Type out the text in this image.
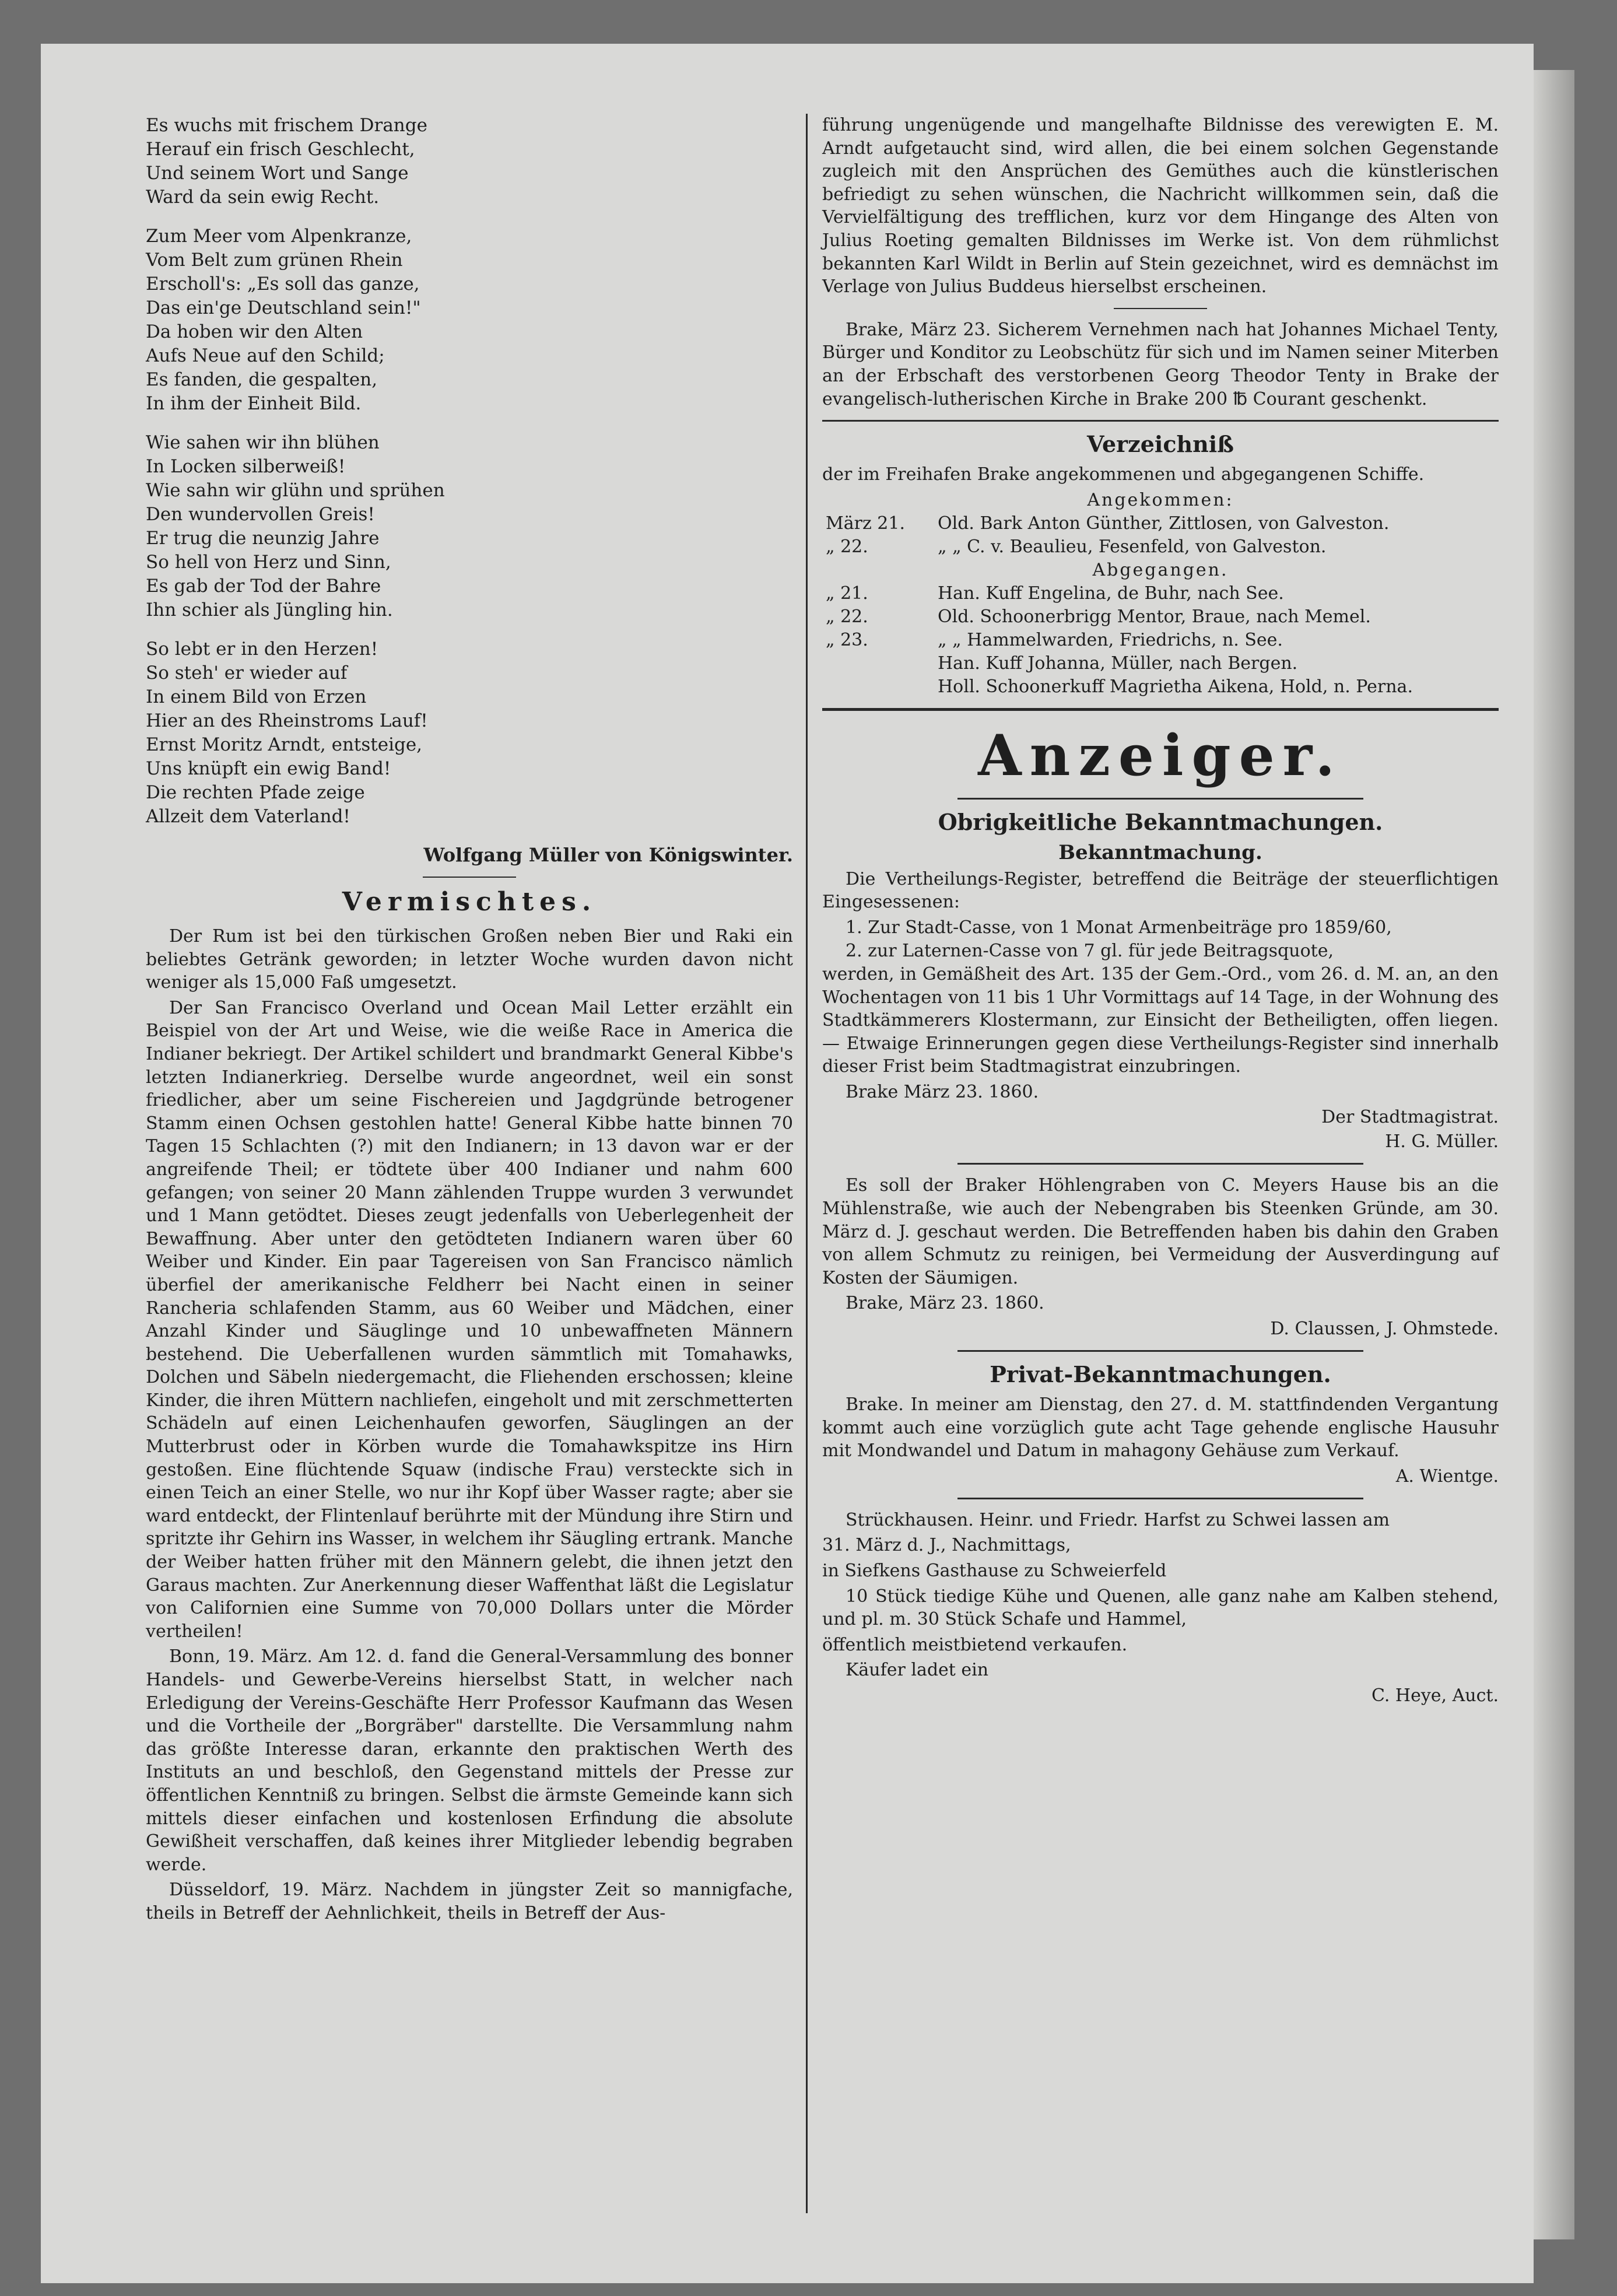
Es wuchs mit frischem Drange
Herauf ein frisch Geschlecht,
Und seinem Wort und Sange
Ward da sein ewig Recht.
Zum Meer vom Alpenkranze,
Vom Belt zum grünen Rhein
Erscholl's: „Es soll das ganze,
Das ein'ge Deutschland sein!"
Da hoben wir den Alten
Aufs Neue auf den Schild;
Es fanden, die gespalten,
In ihm der Einheit Bild.
Wie sahen wir ihn blühen
In Locken silberweiß!
Wie sahn wir glühn und sprühen
Den wundervollen Greis!
Er trug die neunzig Jahre
So hell von Herz und Sinn,
Es gab der Tod der Bahre
Ihn schier als Jüngling hin.
So lebt er in den Herzen!
So steh' er wieder auf
In einem Bild von Erzen
Hier an des Rheinstroms Lauf!
Ernst Moritz Arndt, entsteige,
Uns knüpft ein ewig Band!
Die rechten Pfade zeige
Allzeit dem Vaterland!
Wolfgang Müller von Königswinter.
Vermischtes.

Der Rum ist bei den türkischen Großen neben Bier und Raki ein beliebtes Getränk geworden; in letzter Woche wurden davon nicht weniger als 15,000 Faß umgesetzt.

Der San Francisco Overland und Ocean Mail Letter erzählt ein Beispiel von der Art und Weise, wie die weiße Race in America die Indianer bekriegt. Der Artikel schildert und brandmarkt General Kibbe's letzten Indianerkrieg. Derselbe wurde angeordnet, weil ein sonst friedlicher, aber um seine Fischereien und Jagdgründe betrogener Stamm einen Ochsen gestohlen hatte! General Kibbe hatte binnen 70 Tagen 15 Schlachten (?) mit den Indianern; in 13 davon war er der angreifende Theil; er tödtete über 400 Indianer und nahm 600 gefangen; von seiner 20 Mann zählenden Truppe wurden 3 verwundet und 1 Mann getödtet. Dieses zeugt jedenfalls von Ueberlegenheit der Bewaffnung. Aber unter den getödteten Indianern waren über 60 Weiber und Kinder. Ein paar Tagereisen von San Francisco nämlich überfiel der amerikanische Feldherr bei Nacht einen in seiner Rancheria schlafenden Stamm, aus 60 Weiber und Mädchen, einer Anzahl Kinder und Säuglinge und 10 unbewaffneten Männern bestehend. Die Ueberfallenen wurden sämmtlich mit Tomahawks, Dolchen und Säbeln niedergemacht, die Fliehenden erschossen; kleine Kinder, die ihren Müttern nachliefen, eingeholt und mit zerschmetterten Schädeln auf einen Leichenhaufen geworfen, Säuglingen an der Mutterbrust oder in Körben wurde die Tomahawkspitze ins Hirn gestoßen. Eine flüchtende Squaw (indische Frau) versteckte sich in einen Teich an einer Stelle, wo nur ihr Kopf über Wasser ragte; aber sie ward entdeckt, der Flintenlauf berührte mit der Mündung ihre Stirn und spritzte ihr Gehirn ins Wasser, in welchem ihr Säugling ertrank. Manche der Weiber hatten früher mit den Männern gelebt, die ihnen jetzt den Garaus machten. Zur Anerkennung dieser Waffenthat läßt die Legislatur von Californien eine Summe von 70,000 Dollars unter die Mörder vertheilen!

Bonn, 19. März. Am 12. d. fand die General-Versammlung des bonner Handels- und Gewerbe-Vereins hierselbst Statt, in welcher nach Erledigung der Vereins-Geschäfte Herr Professor Kaufmann das Wesen und die Vortheile der „Borgräber" darstellte. Die Versammlung nahm das größte Interesse daran, erkannte den praktischen Werth des Instituts an und beschloß, den Gegenstand mittels der Presse zur öffentlichen Kenntniß zu bringen. Selbst die ärmste Gemeinde kann sich mittels dieser einfachen und kostenlosen Erfindung die absolute Gewißheit verschaffen, daß keines ihrer Mitglieder lebendig begraben werde.

Düsseldorf, 19. März. Nachdem in jüngster Zeit so mannigfache, theils in Betreff der Aehnlichkeit, theils in Betreff der Aus-

führung ungenügende und mangelhafte Bildnisse des verewigten E. M. Arndt aufgetaucht sind, wird allen, die bei einem solchen Gegenstande zugleich mit den Ansprüchen des Gemüthes auch die künstlerischen befriedigt zu sehen wünschen, die Nachricht willkommen sein, daß die Vervielfältigung des trefflichen, kurz vor dem Hingange des Alten von Julius Roeting gemalten Bildnisses im Werke ist. Von dem rühmlichst bekannten Karl Wildt in Berlin auf Stein gezeichnet, wird es demnächst im Verlage von Julius Buddeus hierselbst erscheinen.

Brake, März 23. Sicherem Vernehmen nach hat Johannes Michael Tenty, Bürger und Konditor zu Leobschütz für sich und im Namen seiner Miterben an der Erbschaft des verstorbenen Georg Theodor Tenty in Brake der evangelisch-lutherischen Kirche in Brake 200 ℔ Courant geschenkt.

Verzeichniß

der im Freihafen Brake angekommenen und abgegangenen Schiffe.

Angekommen:	
März 21.	Old. Bark Anton Günther, Zittlosen, von Galveston.
„ 22.	„ „ C. v. Beaulieu, Fesenfeld, von Galveston.
Abgegangen.	
„ 21.	Han. Kuff Engelina, de Buhr, nach See.
„ 22.	Old. Schoonerbrigg Mentor, Braue, nach Memel.
„ 23.	„ „ Hammelwarden, Friedrichs, n. See.
	Han. Kuff Johanna, Müller, nach Bergen.
	Holl. Schoonerkuff Magrietha Aikena, Hold, n. Perna.
Anzeiger.
Obrigkeitliche Bekanntmachungen.
Bekanntmachung.

Die Vertheilungs-Register, betreffend die Beiträge der steuerflichtigen Eingesessenen:

1. Zur Stadt-Casse, von 1 Monat Armenbeiträge pro 1859/60,
2. zur Laternen-Casse von 7 gl. für jede Beitragsquote,

werden, in Gemäßheit des Art. 135 der Gem.-Ord., vom 26. d. M. an, an den Wochentagen von 11 bis 1 Uhr Vormittags auf 14 Tage, in der Wohnung des Stadtkämmerers Klostermann, zur Einsicht der Betheiligten, offen liegen. — Etwaige Erinnerungen gegen diese Vertheilungs-Register sind innerhalb dieser Frist beim Stadtmagistrat einzubringen.

Brake März 23. 1860.

Der Stadtmagistrat.
H. G. Müller.

Es soll der Braker Höhlengraben von C. Meyers Hause bis an die Mühlenstraße, wie auch der Nebengraben bis Steenken Gründe, am 30. März d. J. geschaut werden. Die Betreffenden haben bis dahin den Graben von allem Schmutz zu reinigen, bei Vermeidung der Ausverdingung auf Kosten der Säumigen.

Brake, März 23. 1860.

D. Claussen, J. Ohmstede.
Privat-Bekanntmachungen.

Brake. In meiner am Dienstag, den 27. d. M. stattfindenden Vergantung kommt auch eine vorzüglich gute acht Tage gehende englische Hausuhr mit Mondwandel und Datum in mahagony Gehäuse zum Verkauf.

A. Wientge.

Strückhausen. Heinr. und Friedr. Harfst zu Schwei lassen am

31. März d. J., Nachmittags,

in Siefkens Gasthause zu Schweierfeld

10 Stück tiedige Kühe und Quenen, alle ganz nahe am Kalben stehend, und pl. m. 30 Stück Schafe und Hammel,

öffentlich meistbietend verkaufen.

Käufer ladet ein

C. Heye, Auct.
